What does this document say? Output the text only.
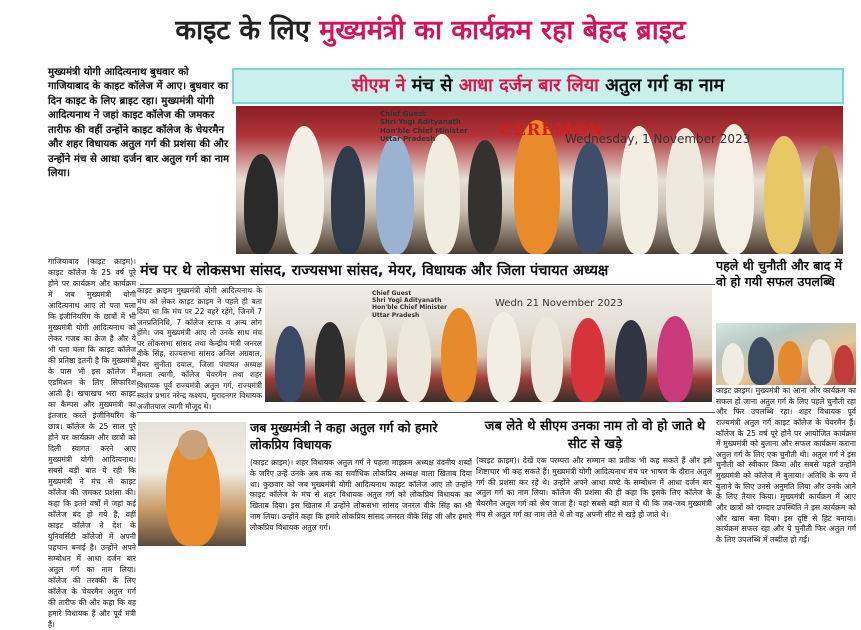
काइट के लिए मुख्यमंत्री का कार्यक्रम रहा बेहद ब्राइट
मुख्यमंत्री योगी आदित्यनाथ बुधवार को गाजियाबाद के काइट कॉलेज में आए। बुधवार का दिन काइट के लिए ब्राइट रहा। मुख्यमंत्री योगी आदित्यनाथ ने जहां काइट कॉलेज की जमकर तारीफ की वहीं उन्होंने काइट कॉलेज के चेयरमैन और शहर विधायक अतुल गर्ग की प्रशंसा की और उन्होंने मंच से आधा दर्जन बार अतुल गर्ग का नाम लिया।
सीएम ने मंच से आधा दर्जन बार लिया अतुल गर्ग का नाम
Chief Guest
Shri Yogi Adityanath
Hon'ble Chief Minister
Uttar Pradesh
CEREMON
Wednesday, 1 November 2023
गाजियाबाद (काइट क्राइम)। काइट कॉलेज के 25 वर्ष पूरे होने पर कार्यक्रम और कार्यक्रम में जब मुख्यमंत्री योगी आदित्यनाथ आए तो पता चला कि इंजीनियरिंग के छात्रों में भी मुख्यमंत्री योगी आदित्यनाथ को लेकर गजब का क्रेज है और ये भी पता चला कि काइट कॉलेज की प्रतिष्ठा इतनी है कि मुख्यमंत्री के पास भी इस कॉलेज में एडमिशन के लिए सिफारिश आती है। खचाखच भरा काइट का कैम्पस और मुख्यमंत्री का इंतजार करते इंजीनियरिंग के छात्र। कॉलेज के 25 साल पूरे होने पर कार्यक्रम और छात्रों को दिली स्वागत करने आए मुख्यमंत्री योगी आदित्यनाथ। सबसे बड़ी बात ये रही कि मुख्यमंत्री ने मंच से काइट कॉलेज की जमकर प्रशंसा की। कहा कि इतने वर्षों में जहां कई कॉलेज बंद हो गये हैं, वहीं काइट कॉलेज ने देश के युनिवर्सिटी कॉलेजों में अपनी पहचान बनाई है। उन्होंने अपने सम्बोधन में आधा दर्जन बार अतुल गर्ग का नाम लिया। कॉलेज की तरक्की के लिए कॉलेज के चेयरमैन अतुल गर्ग की तारीफ की और कहा कि वह हमारे विधायक हैं और पूर्व मंत्री हैं।
मंच पर थे लोकसभा सांसद, राज्यसभा सांसद, मेयर, विधायक और जिला पंचायत अध्यक्ष
काइट क्राइम मुख्यमंत्री योगी आदित्यनाथ के मंच को लेकर काइट क्राइम ने पहले ही बता दिया था कि मंच पर 22 वहरे रहेंगे, जिनमें 7 जनप्रतिनिधि, 7 कॉलेज स्टाफ व अन्य लोग होंगे। जब मुख्यमंत्री आए तो उनके साथ मंच पर लोकसभा सांसद तथा केन्द्रीय मंत्री जनरल वीके सिंह, राज्यसभा सांसद अनिल अग्रवाल, मेयर सुनीता दयाल, जिला पंचायत अध्यक्ष ममता त्यागी, कॉलेज चेयरमैन तथा शहर विधायक पूर्व राज्यमंत्री अतुल गर्ग, राज्यमंत्री स्वतंत्र प्रभार नरेन्द्र कश्यप, मुरादनगर विधायक अजीतपाल त्यागी मौजूद थे।
Chief Guest
Shri Yogi Adityanath
Hon'ble Chief Minister
Uttar Pradesh
Wedn 21 November 2023
पहले थी चुनौती और बाद में वो हो गयी सफल उपलब्धि
काइट क्राइम। मुख्यमंत्री का आना और कार्यक्रम का सफल हो जाना अतुल गर्ग के लिए पहले चुनौती रहा और फिर उपलब्धि रहा। शहर विधायक पूर्व राज्यमंत्री अतुल गर्ग काइट कॉलेज के चेयरमैन हैं। कॉलेज के 25 वर्ष पूरे होने पर आयोजित कार्यक्रम में मुख्यमंत्री को बुलाना और सफल कार्यक्रम कराना अतुल गर्ग के लिए एक चुनौती थी। अतुल गर्ग ने इस चुनौती को स्वीकार किया और सबसे पहले उन्होंने मुख्यमंत्री को कॉलेज में बुलाया। अतिथि के रूप में बुलाने के लिए उनसे अनुमति लिया और उनके आने के लिए तैयार किया। मुख्यमंत्री कार्यक्रम में आए और छात्रों को दमदार उपस्थिति ने इस कार्यक्रम को और खास बना दिया। इस दृष्टि से हिट बनाया। कार्यक्रम सफल रहा और ये चुनौती फिर अतुल गर्ग के लिए उपलब्धि में तब्दील हो गई।
जब मुख्यमंत्री ने कहा अतुल गर्ग को हमारे लोकप्रिय विधायक
(काइट क्राइम)। शहर विधायक अतुल गर्ग ने पहला माइक्रम अध्यक्ष वंदनीय शब्दों के जरिए उन्हें उनके अब तक का सर्वाधिक लोकप्रिय अध्यक्ष वाला खिताब दिया था। कुछवार को जब मुख्यमंत्री योगी आदित्यनाथ काइट कॉलेज आए तो उन्होंने काइट कॉलेज के मंच से शहर विधायक अतुल गर्ग को लोकप्रिय विधायक का खिताब दिया। इस खिताब में उन्होंने लोकसभा सांसद जनरल वीके सिंह का भी नाम लिया। उन्होंने कहा कि हमारे लोकप्रिय सांसद जनरल वीके सिंह जी और हमारे लोकप्रिय विधायक अतुल गर्ग।
जब लेते थे सीएम उनका नाम तो वो हो जाते थे सीट से खड़े
(काइट क्राइम)। देखें एक परम्परा और सम्मान का प्रतीक भी कह सकते हैं और इसे शिष्टाचार भी कह सकते हैं। मुख्यमंत्री योगी आदित्यनाथ मंच पर भाषण के दौरान अतुल गर्ग की प्रशंसा कर रहे थे। उन्होंने अपने आधा घण्टे के सम्बोधन में आधा दर्जन बार अतुल गर्ग का नाम लिया। कॉलेज की प्रशंसा की ही कहा कि इसके लिए कॉलेज के चेयरमैन अतुल गर्ग को श्रेय जाता है। यहां सबसे बड़ी बात ये थी कि जब-जब मुख्यमंत्री मंच से अतुल गर्ग का नाम लेते थे तो वह अपनी सीट से खड़े हो जाते थे।
